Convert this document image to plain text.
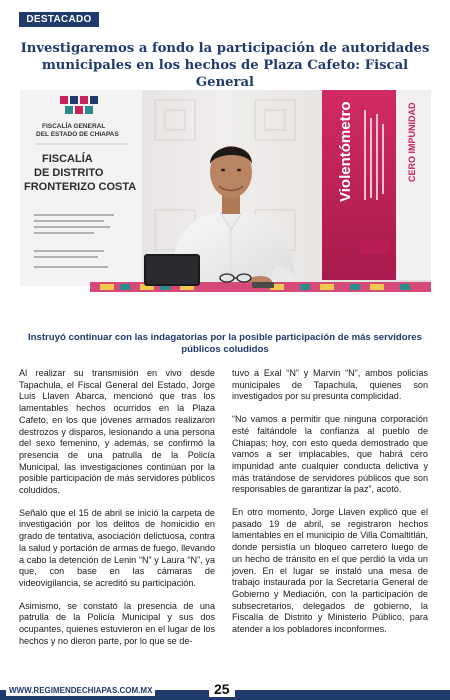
DESTACADO
Investigaremos a fondo la participación de autoridades municipales en los hechos de Plaza Cafeto: Fiscal General
FISCALÍA GENERAL
DEL ESTADO DE CHIAPAS
FISCALÍA
DE DISTRITO
FRONTERIZO COSTA	Violentómetro	CERO IMPUNIDAD
Instruyó continuar con las indagatorias por la posible participación de más servidores públicos coludidos

Al realizar su transmisión en vivo desde Tapachula, el Fiscal General del Estado, Jorge Luis Llaven Abarca, mencionó que tras los lamentables hechos ocurridos en la Plaza Cafeto, en los que jóvenes armados realizaron destrozos y disparos, lesionando a una persona del sexo femenino, y además, se confirmó la presencia de una patrulla de la Policía Municipal, las investigaciones continúan por la posible participación de más servidores públicos coludidos.

Señaló que el 15 de abril se inició la carpeta de investigación por los delitos de homicidio en grado de tentativa, asociación delictuosa, contra la salud y portación de armas de fuego, llevando a cabo la detención de Lenin “N” y Laura “N”, ya que, con base en las cámaras de videovigilancia, se acreditó su participación.

Asimismo, se constató la presencia de una patrulla de la Policía Municipal y sus dos ocupantes, quienes estuvieron en el lugar de los hechos y no dieron parte, por lo que se de-

tuvo a Exal “N” y Marvin “N”, ambos policías municipales de Tapachula, quienes son investigados por su presunta complicidad.

“No vamos a permitir que ninguna corporación esté faltándole la confianza al pueblo de Chiapas; hoy, con esto queda demostrado que vamos a ser implacables, que habrá cero impunidad ante cualquier conducta delictiva y más tratándose de servidores públicos que son responsables de garantizar la paz”, acotó.

En otro momento, Jorge Llaven explicó que el pasado 19 de abril, se registraron hechos lamentables en el municipio de Villa Comaltitlán, donde persistía un bloqueo carretero luego de un hecho de tránsito en el que perdió la vida un joven. En el lugar se instaló una mesa de trabajo instaurada por la Secretaría General de Gobierno y Mediación, con la participación de subsecretarios, delegados de gobierno, la Fiscalía de Distrito y Ministerio Público, para atender a los pobladores inconformes.

WWW.REGIMENDECHIAPAS.COM.MX	25
